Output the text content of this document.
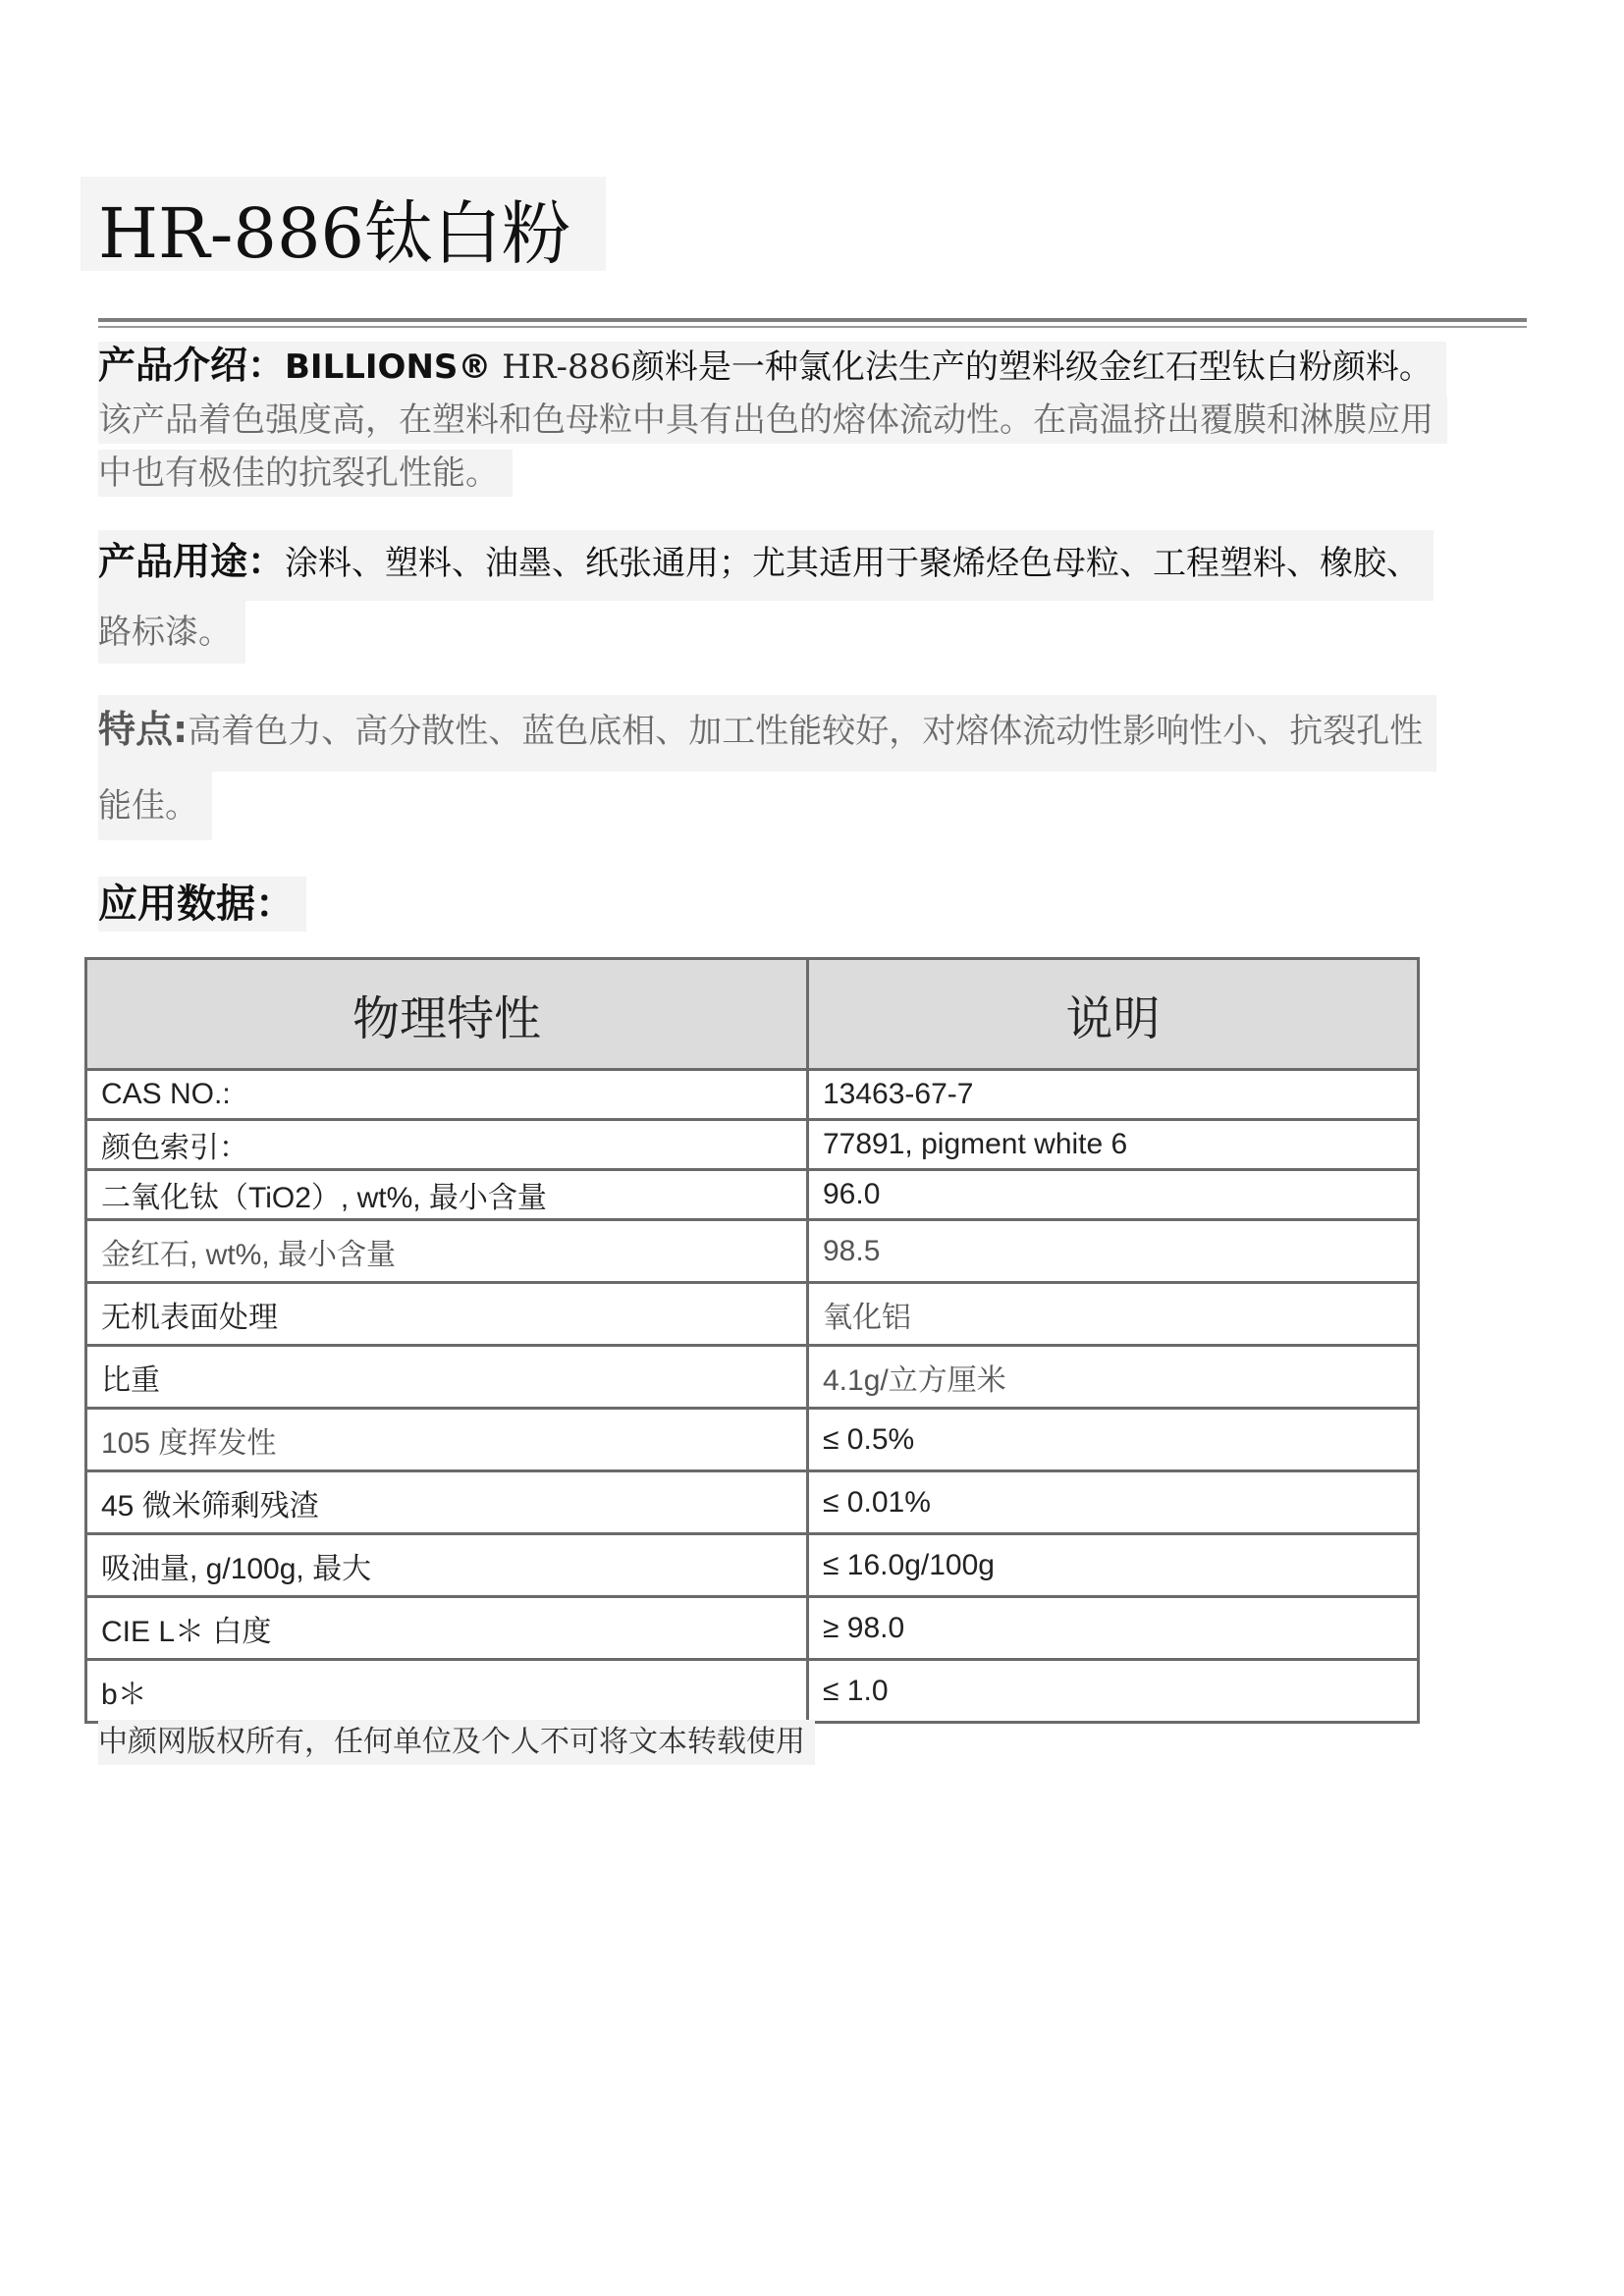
HR-886钛白粉
产品介绍：BILLIONS® HR-886颜料是一种氯化法生产的塑料级金红石型钛白粉颜料。
该产品着色强度高，在塑料和色母粒中具有出色的熔体流动性。在高温挤出覆膜和淋膜应用
中也有极佳的抗裂孔性能。
产品用途：涂料、塑料、油墨、纸张通用；尤其适用于聚烯烃色母粒、工程塑料、橡胶、
路标漆。
特点:高着色力、高分散性、蓝色底相、加工性能较好，对熔体流动性影响性小、抗裂孔性
能佳。
应用数据：
物理特性	说明
CAS NO.:	13463-67-7
颜色索引：	77891, pigment white 6
二氧化钛（TiO2）, wt%, 最小含量	96.0
金红石, wt%, 最小含量	98.5
无机表面处理	氧化铝
比重	4.1g/立方厘米
105 度挥发性	≤ 0.5%
45 微米筛剩残渣	≤ 0.01%
吸油量, g/100g, 最大	≤ 16.0g/100g
CIE L＊ 白度	≥ 98.0
b＊	≤ 1.0
中颜网版权所有，任何单位及个人不可将文本转载使用
